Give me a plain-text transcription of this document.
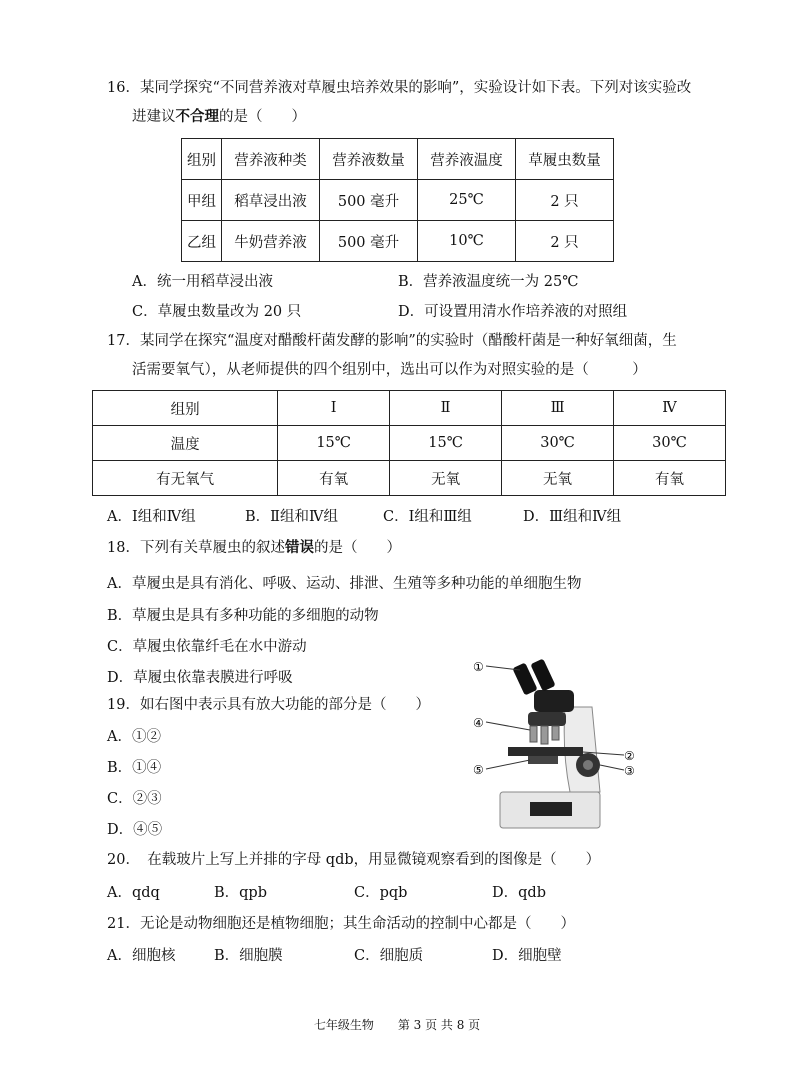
16．某同学探究“不同营养液对草履虫培养效果的影响”，实验设计如下表。下列对该实验改
进建议不合理的是（　　）
组别	营养液种类	营养液数量	营养液温度	草履虫数量
甲组	稻草浸出液	500 毫升	25℃	2 只
乙组	牛奶营养液	500 毫升	10℃	2 只
A．统一用稻草浸出液	B．营养液温度统一为 25℃
C．草履虫数量改为 20 只	D．可设置用清水作培养液的对照组
17．某同学在探究“温度对醋酸杆菌发酵的影响”的实验时（醋酸杆菌是一种好氧细菌，生
活需要氧气），从老师提供的四个组别中，选出可以作为对照实验的是（　　　）
组别	Ⅰ	Ⅱ	Ⅲ	Ⅳ
温度	15℃	15℃	30℃	30℃
有无氧气	有氧	无氧	无氧	有氧
A．Ⅰ组和Ⅳ组	B．Ⅱ组和Ⅳ组	C．Ⅰ组和Ⅲ组	D．Ⅲ组和Ⅳ组
18．下列有关草履虫的叙述错误的是（　　）
A．草履虫是具有消化、呼吸、运动、排泄、生殖等多种功能的单细胞生物
B．草履虫是具有多种功能的多细胞的动物
C．草履虫依靠纤毛在水中游动
D．草履虫依靠表膜进行呼吸
19．如右图中表示具有放大功能的部分是（　　）
A．①②
B．①④
C．②③
D．④⑤
①
②
③
④
⑤
20．　在载玻片上写上并排的字母 qdb，用显微镜观察看到的图像是（　　）
A．qdq	B．qpb	C．pqb	D．qdb
21．无论是动物细胞还是植物细胞；其生命活动的控制中心都是（　　）
A．细胞核	B．细胞膜	C．细胞质	D．细胞壁
七年级生物　　第 3 页 共 8 页
